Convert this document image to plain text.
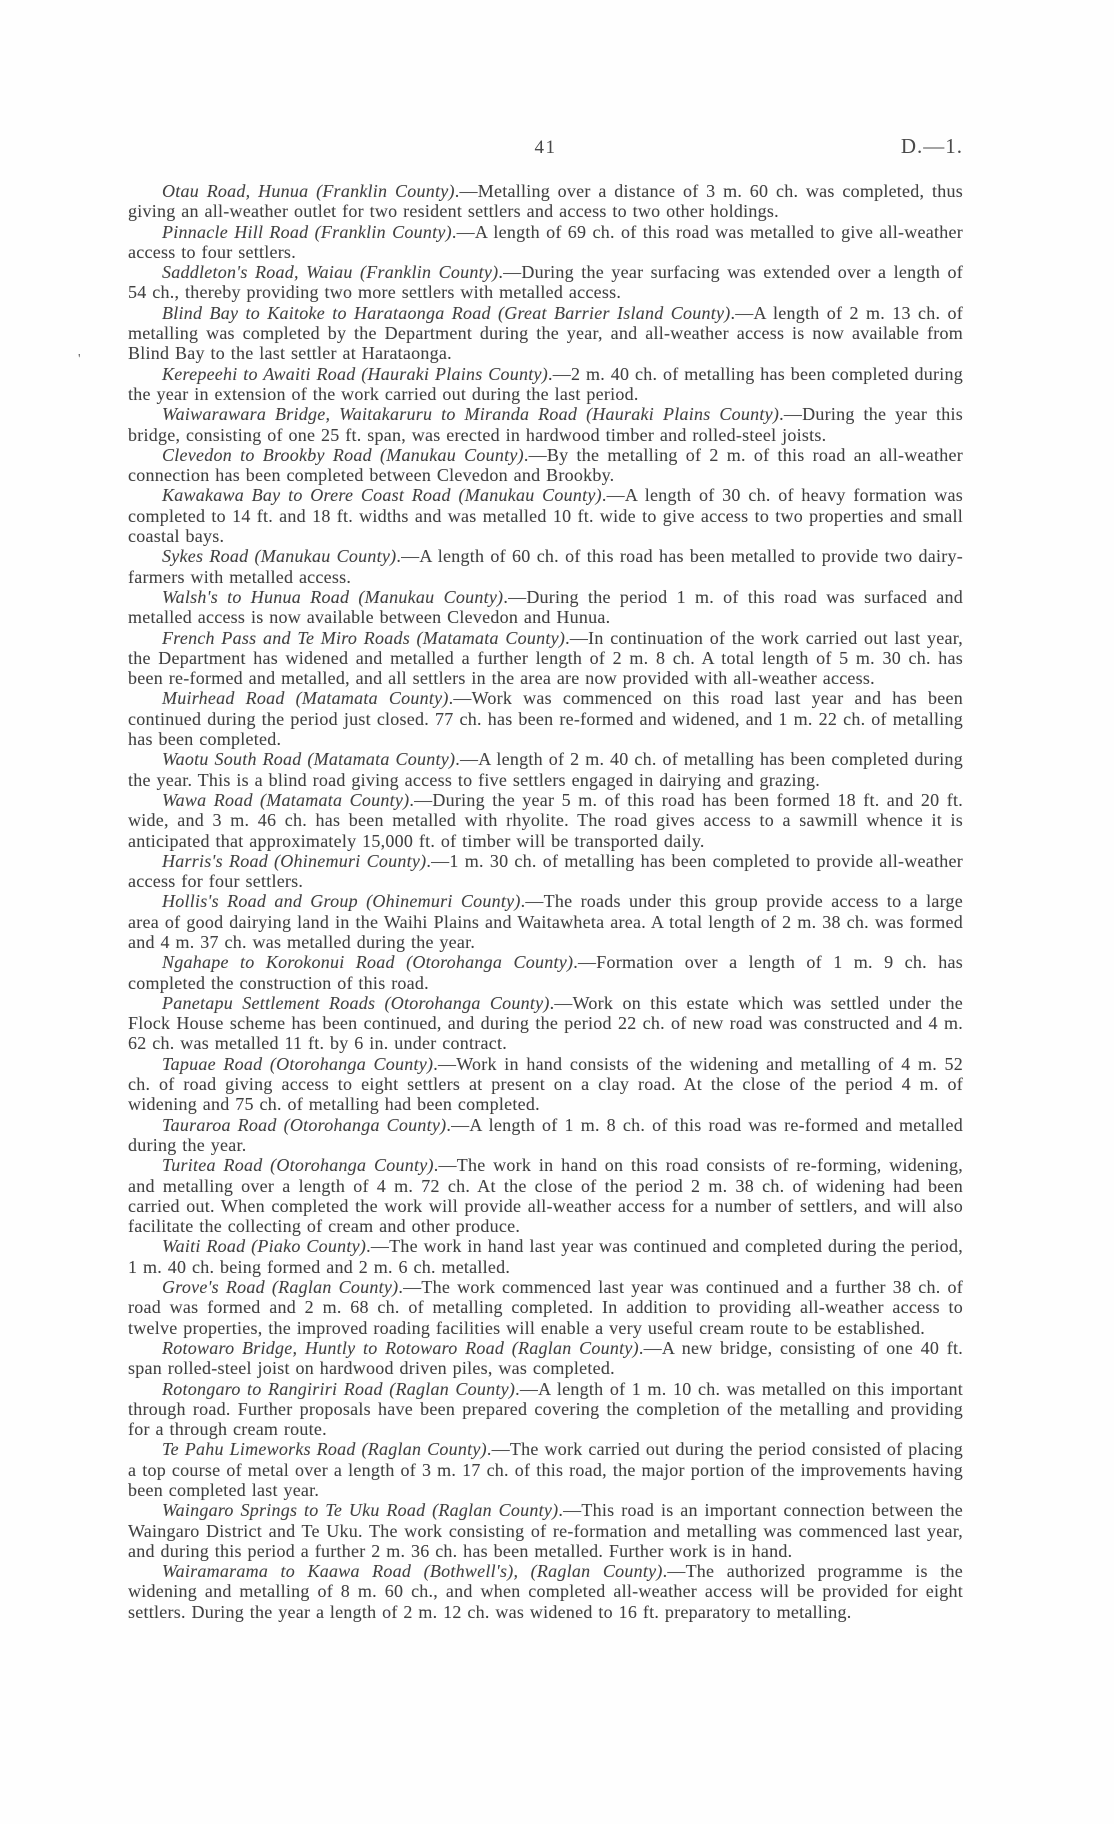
41	D.—1.
'

Otau Road, Hunua (Franklin County).—Metalling over a distance of 3 m. 60 ch. was completed, thus giving an all-weather outlet for two resident settlers and access to two other holdings.

Pinnacle Hill Road (Franklin County).—A length of 69 ch. of this road was metalled to give all-weather access to four settlers.

Saddleton's Road, Waiau (Franklin County).—During the year surfacing was extended over a length of 54 ch., thereby providing two more settlers with metalled access.

Blind Bay to Kaitoke to Harataonga Road (Great Barrier Island County).—A length of 2 m. 13 ch. of metalling was completed by the Department during the year, and all-weather access is now available from Blind Bay to the last settler at Harataonga.

Kerepeehi to Awaiti Road (Hauraki Plains County).—2 m. 40 ch. of metalling has been completed during the year in extension of the work carried out during the last period.

Waiwarawara Bridge, Waitakaruru to Miranda Road (Hauraki Plains County).—During the year this bridge, consisting of one 25 ft. span, was erected in hardwood timber and rolled-steel joists.

Clevedon to Brookby Road (Manukau County).—By the metalling of 2 m. of this road an all-weather connection has been completed between Clevedon and Brookby.

Kawakawa Bay to Orere Coast Road (Manukau County).—A length of 30 ch. of heavy formation was completed to 14 ft. and 18 ft. widths and was metalled 10 ft. wide to give access to two properties and small coastal bays.

Sykes Road (Manukau County).—A length of 60 ch. of this road has been metalled to provide two dairy-farmers with metalled access.

Walsh's to Hunua Road (Manukau County).—During the period 1 m. of this road was surfaced and metalled access is now available between Clevedon and Hunua.

French Pass and Te Miro Roads (Matamata County).—In continuation of the work carried out last year, the Department has widened and metalled a further length of 2 m. 8 ch. A total length of 5 m. 30 ch. has been re-formed and metalled, and all settlers in the area are now provided with all-weather access.

Muirhead Road (Matamata County).—Work was commenced on this road last year and has been continued during the period just closed. 77 ch. has been re-formed and widened, and 1 m. 22 ch. of metalling has been completed.

Waotu South Road (Matamata County).—A length of 2 m. 40 ch. of metalling has been completed during the year. This is a blind road giving access to five settlers engaged in dairying and grazing.

Wawa Road (Matamata County).—During the year 5 m. of this road has been formed 18 ft. and 20 ft. wide, and 3 m. 46 ch. has been metalled with rhyolite. The road gives access to a sawmill whence it is anticipated that approximately 15,000 ft. of timber will be transported daily.

Harris's Road (Ohinemuri County).—1 m. 30 ch. of metalling has been completed to provide all-weather access for four settlers.

Hollis's Road and Group (Ohinemuri County).—The roads under this group provide access to a large area of good dairying land in the Waihi Plains and Waitawheta area. A total length of 2 m. 38 ch. was formed and 4 m. 37 ch. was metalled during the year.

Ngahape to Korokonui Road (Otorohanga County).—Formation over a length of 1 m. 9 ch. has completed the construction of this road.

Panetapu Settlement Roads (Otorohanga County).—Work on this estate which was settled under the Flock House scheme has been continued, and during the period 22 ch. of new road was constructed and 4 m. 62 ch. was metalled 11 ft. by 6 in. under contract.

Tapuae Road (Otorohanga County).—Work in hand consists of the widening and metalling of 4 m. 52 ch. of road giving access to eight settlers at present on a clay road. At the close of the period 4 m. of widening and 75 ch. of metalling had been completed.

Tauraroa Road (Otorohanga County).—A length of 1 m. 8 ch. of this road was re-formed and metalled during the year.

Turitea Road (Otorohanga County).—The work in hand on this road consists of re-forming, widening, and metalling over a length of 4 m. 72 ch. At the close of the period 2 m. 38 ch. of widening had been carried out. When completed the work will provide all-weather access for a number of settlers, and will also facilitate the collecting of cream and other produce.

Waiti Road (Piako County).—The work in hand last year was continued and completed during the period, 1 m. 40 ch. being formed and 2 m. 6 ch. metalled.

Grove's Road (Raglan County).—The work commenced last year was continued and a further 38 ch. of road was formed and 2 m. 68 ch. of metalling completed. In addition to providing all-weather access to twelve properties, the improved roading facilities will enable a very useful cream route to be established.

Rotowaro Bridge, Huntly to Rotowaro Road (Raglan County).—A new bridge, consisting of one 40 ft. span rolled-steel joist on hardwood driven piles, was completed.

Rotongaro to Rangiriri Road (Raglan County).—A length of 1 m. 10 ch. was metalled on this important through road. Further proposals have been prepared covering the completion of the metalling and providing for a through cream route.

Te Pahu Limeworks Road (Raglan County).—The work carried out during the period consisted of placing a top course of metal over a length of 3 m. 17 ch. of this road, the major portion of the improvements having been completed last year.

Waingaro Springs to Te Uku Road (Raglan County).—This road is an important connection between the Waingaro District and Te Uku. The work consisting of re-formation and metalling was commenced last year, and during this period a further 2 m. 36 ch. has been metalled. Further work is in hand.

Wairamarama to Kaawa Road (Bothwell's), (Raglan County).—The authorized programme is the widening and metalling of 8 m. 60 ch., and when completed all-weather access will be provided for eight settlers. During the year a length of 2 m. 12 ch. was widened to 16 ft. preparatory to metalling.
